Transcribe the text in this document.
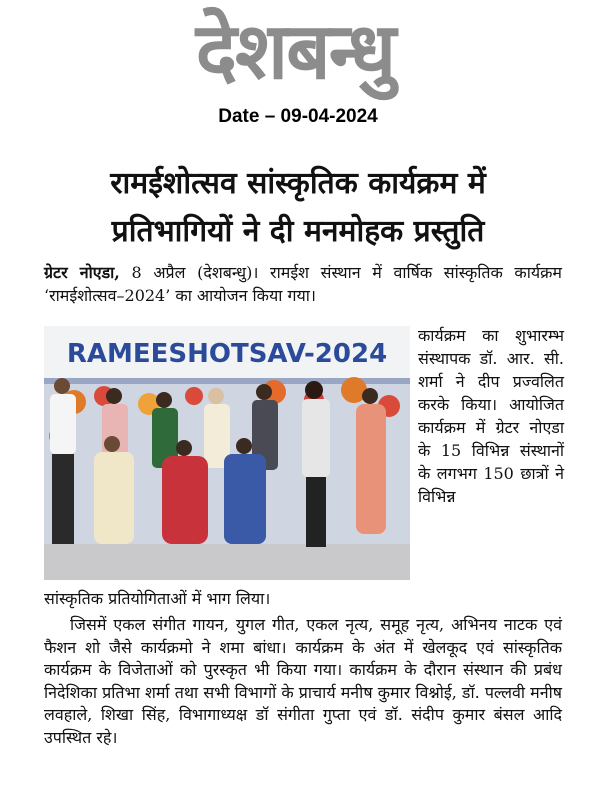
देशबन्धु
Date – 09-04-2024
रामईशोत्सव सांस्कृतिक कार्यक्रम में
प्रतिभागियों ने दी मनमोहक प्रस्तुति
ग्रेटर नोएडा, 8 अप्रैल (देशबन्धु)। रामईश संस्थान में वार्षिक सांस्कृतिक कार्यक्रम ‘रामईशोत्सव–2024’ का आयोजन किया गया।
RAMEESHOTSAV-2024
कार्यक्रम का शुभारम्भ संस्थापक डॉ. आर. सी. शर्मा ने दीप प्रज्वलित करके किया। आयोजित कार्यक्रम में ग्रेटर नोएडा के 15 विभिन्न संस्थानों के लगभग 150 छात्रों ने विभिन्न
सांस्कृतिक प्रतियोगिताओं में भाग लिया।
जिसमें एकल संगीत गायन, युगल गीत, एकल नृत्य, समूह नृत्य, अभिनय नाटक एवं फैशन शो जैसे कार्यक्रमो ने शमा बांधा। कार्यक्रम के अंत में खेलकूद एवं सांस्कृतिक कार्यक्रम के विजेताओं को पुरस्कृत भी किया गया। कार्यक्रम के दौरान संस्थान की प्रबंध निदेशिका प्रतिभा शर्मा तथा सभी विभागों के प्राचार्य मनीष कुमार विश्नोई, डॉ. पल्लवी मनीष लवहाले, शिखा सिंह, विभागाध्यक्ष डॉ संगीता गुप्ता एवं डॉ. संदीप कुमार बंसल आदि उपस्थित रहे।
